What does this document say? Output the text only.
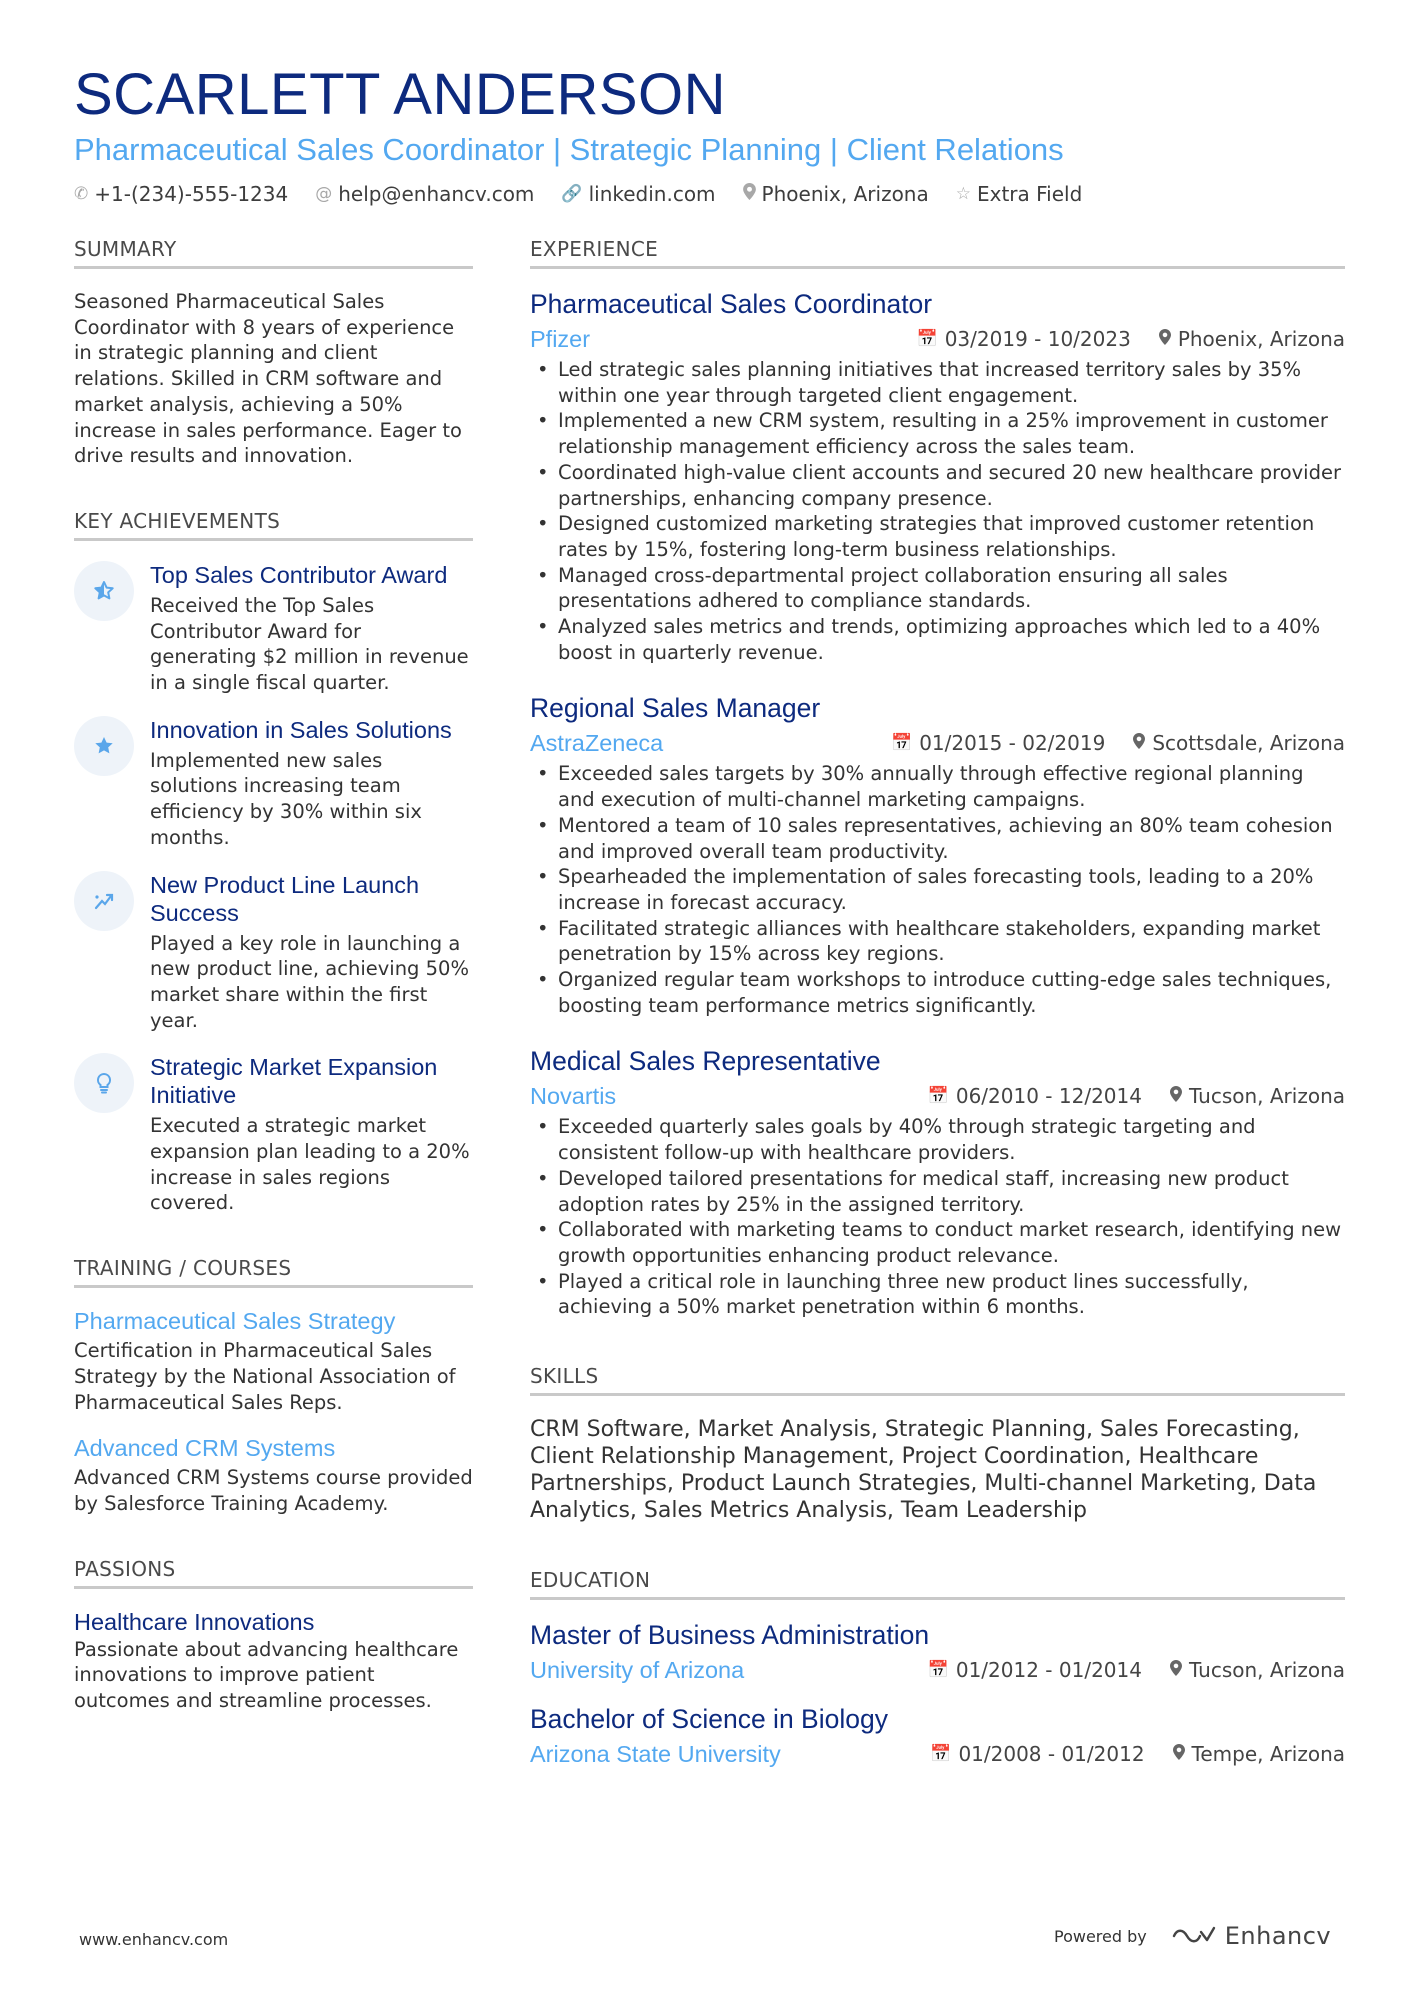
SCARLETT ANDERSON
Pharmaceutical Sales Coordinator | Strategic Planning | Client Relations
✆ +1-(234)-555-1234 @ help@enhancv.com 🔗 linkedin.com Phoenix, Arizona ☆ Extra Field
SUMMARY
Seasoned Pharmaceutical Sales Coordinator with 8 years of experience in strategic planning and client relations. Skilled in CRM software and market analysis, achieving a 50% increase in sales performance. Eager to drive results and innovation.
KEY ACHIEVEMENTS
Top Sales Contributor Award
Received the Top Sales Contributor Award for generating $2 million in revenue in a single fiscal quarter.
Innovation in Sales Solutions
Implemented new sales solutions increasing team efficiency by 30% within six months.
New Product Line Launch Success
Played a key role in launching a new product line, achieving 50% market share within the first year.
Strategic Market Expansion Initiative
Executed a strategic market expansion plan leading to a 20% increase in sales regions covered.
TRAINING / COURSES
Pharmaceutical Sales Strategy
Certification in Pharmaceutical Sales Strategy by the National Association of Pharmaceutical Sales Reps.
Advanced CRM Systems
Advanced CRM Systems course provided by Salesforce Training Academy.
PASSIONS
Healthcare Innovations
Passionate about advancing healthcare innovations to improve patient outcomes and streamline processes.
EXPERIENCE
Pharmaceutical Sales Coordinator
Pfizer	📅 03/2019 - 10/2023 Phoenix, Arizona
• Led strategic sales planning initiatives that increased territory sales by 35% within one year through targeted client engagement.
• Implemented a new CRM system, resulting in a 25% improvement in customer relationship management efficiency across the sales team.
• Coordinated high-value client accounts and secured 20 new healthcare provider partnerships, enhancing company presence.
• Designed customized marketing strategies that improved customer retention rates by 15%, fostering long-term business relationships.
• Managed cross-departmental project collaboration ensuring all sales presentations adhered to compliance standards.
• Analyzed sales metrics and trends, optimizing approaches which led to a 40% boost in quarterly revenue.
Regional Sales Manager
AstraZeneca	📅 01/2015 - 02/2019 Scottsdale, Arizona
• Exceeded sales targets by 30% annually through effective regional planning and execution of multi-channel marketing campaigns.
• Mentored a team of 10 sales representatives, achieving an 80% team cohesion and improved overall team productivity.
• Spearheaded the implementation of sales forecasting tools, leading to a 20% increase in forecast accuracy.
• Facilitated strategic alliances with healthcare stakeholders, expanding market penetration by 15% across key regions.
• Organized regular team workshops to introduce cutting-edge sales techniques, boosting team performance metrics significantly.
Medical Sales Representative
Novartis	📅 06/2010 - 12/2014 Tucson, Arizona
• Exceeded quarterly sales goals by 40% through strategic targeting and consistent follow-up with healthcare providers.
• Developed tailored presentations for medical staff, increasing new product adoption rates by 25% in the assigned territory.
• Collaborated with marketing teams to conduct market research, identifying new growth opportunities enhancing product relevance.
• Played a critical role in launching three new product lines successfully, achieving a 50% market penetration within 6 months.
SKILLS
CRM Software, Market Analysis, Strategic Planning, Sales Forecasting, Client Relationship Management, Project Coordination, Healthcare Partnerships, Product Launch Strategies, Multi-channel Marketing, Data Analytics, Sales Metrics Analysis, Team Leadership
EDUCATION
Master of Business Administration
University of Arizona	📅 01/2012 - 01/2014 Tucson, Arizona
Bachelor of Science in Biology
Arizona State University	📅 01/2008 - 01/2012 Tempe, Arizona
www.enhancv.com	Powered by	Enhancv
